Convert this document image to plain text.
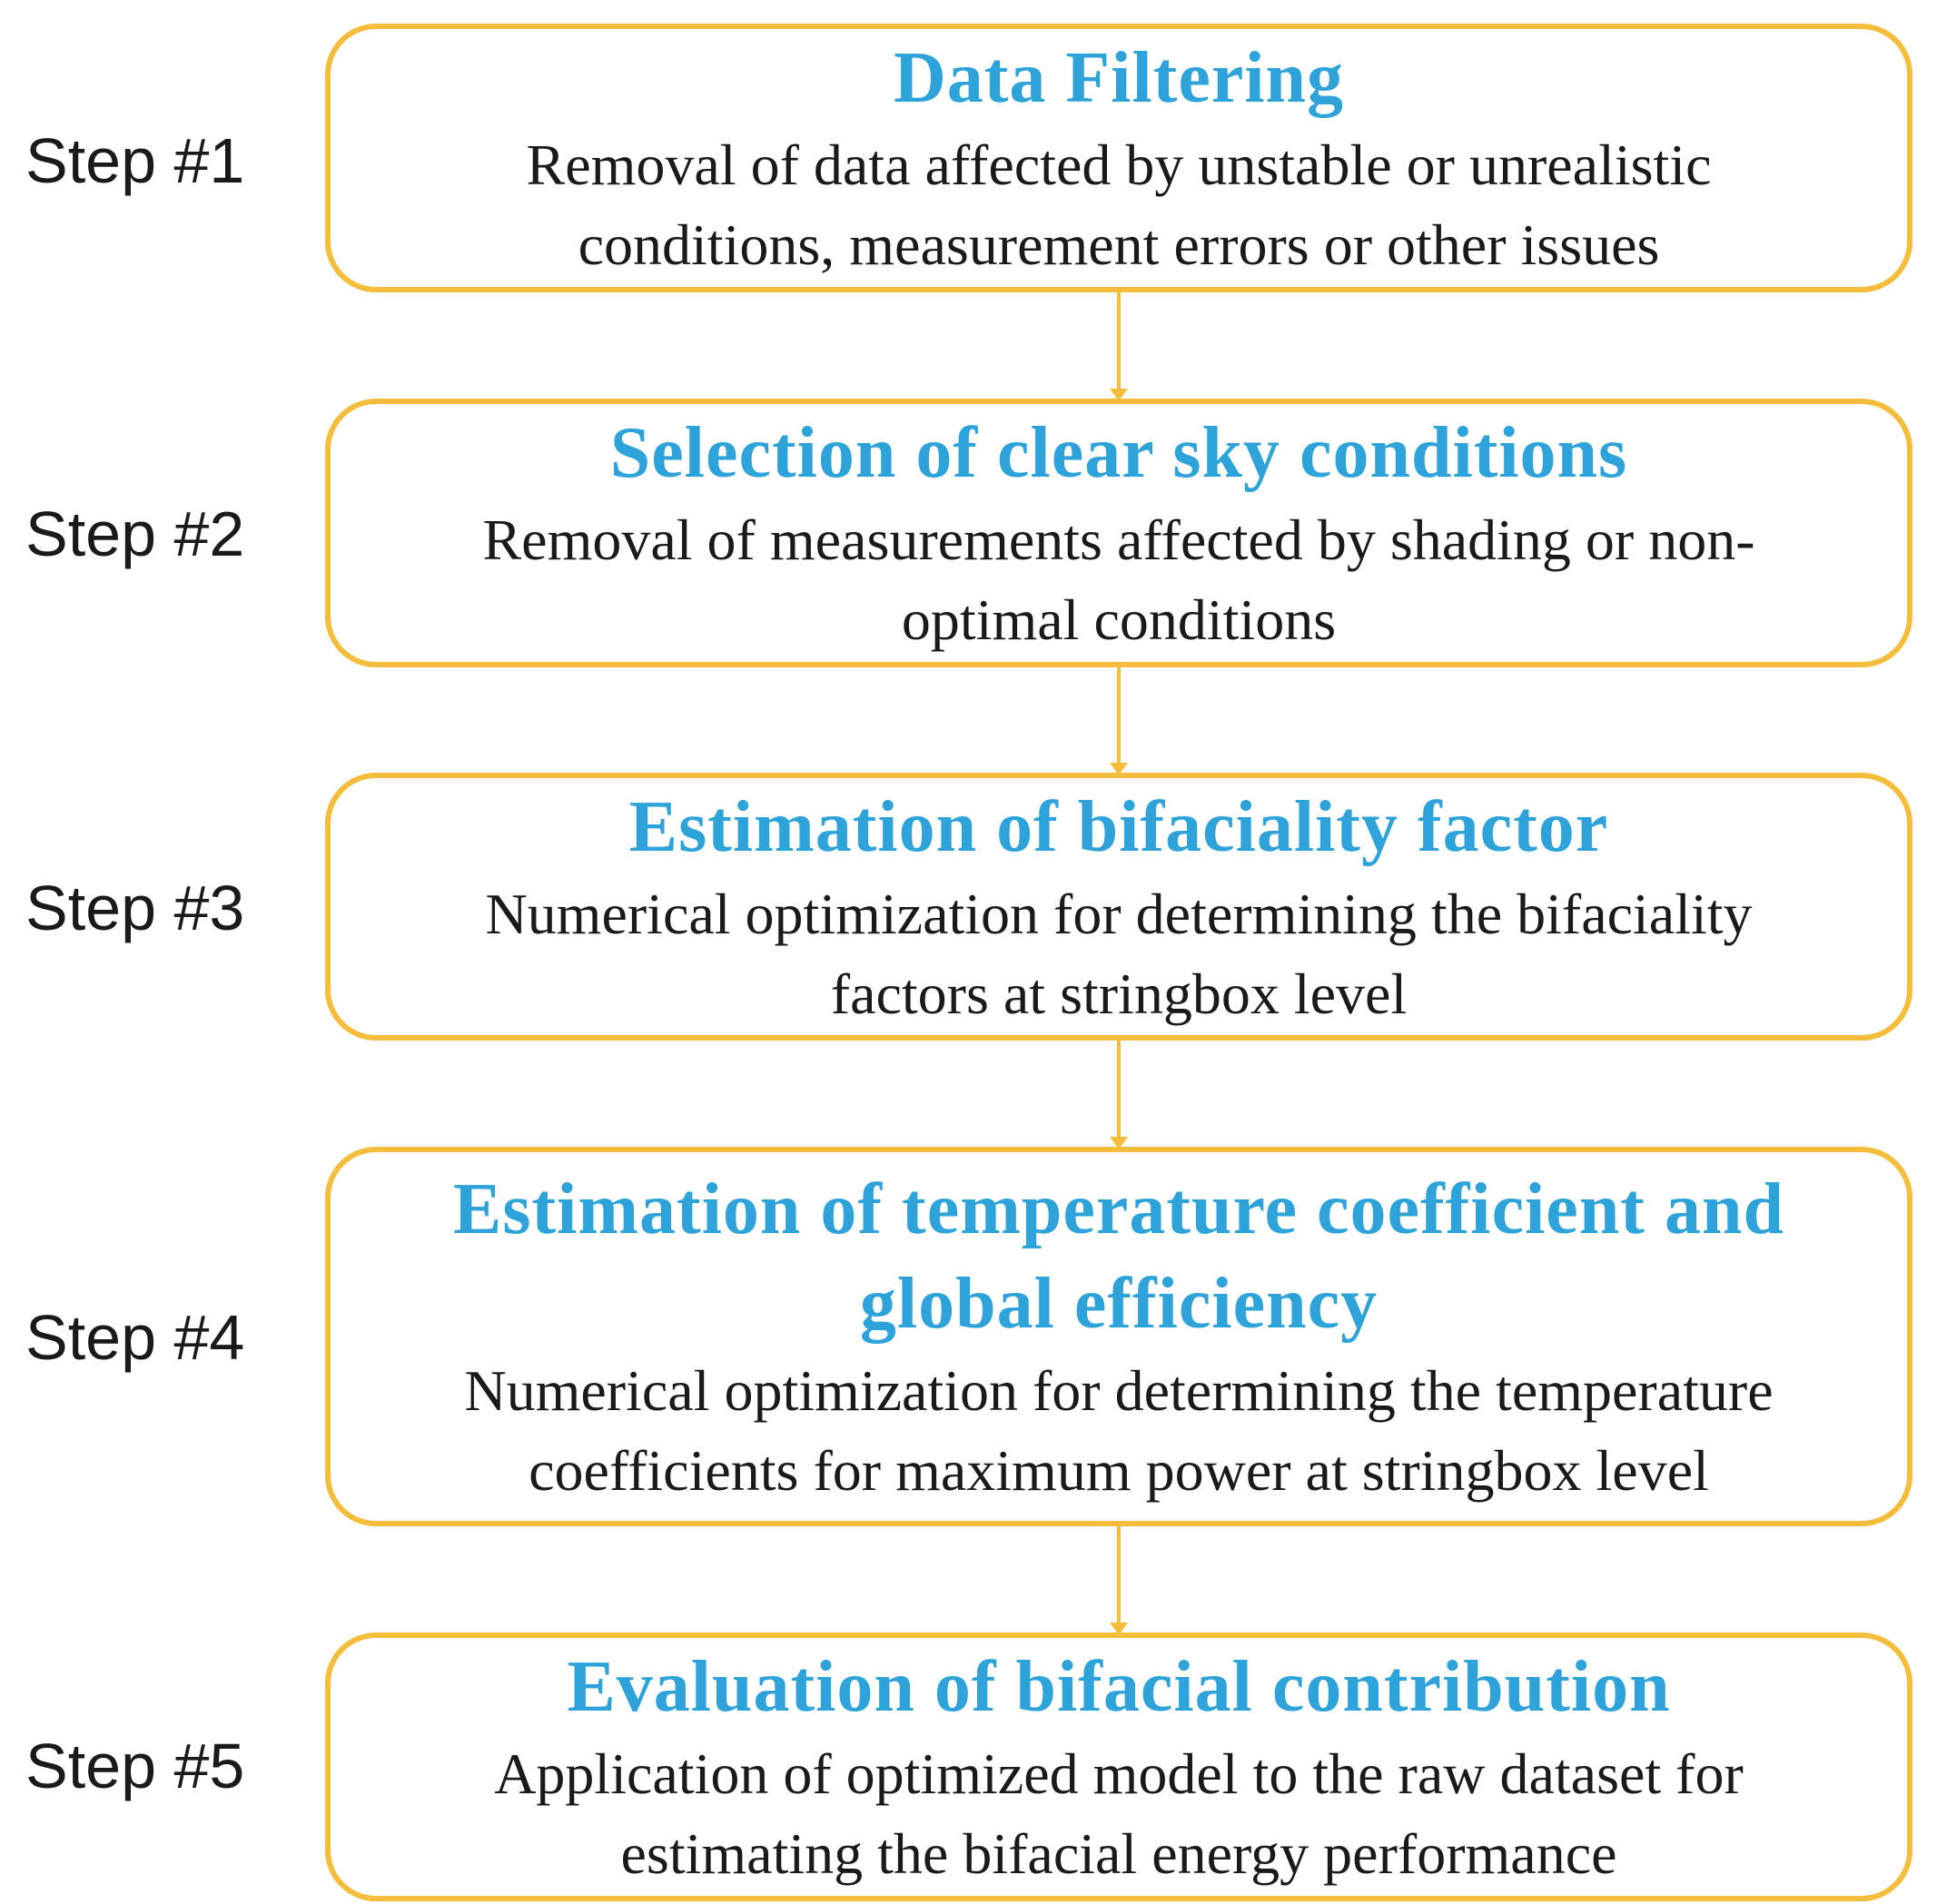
Step #1
Data Filtering
Removal of data affected by unstable or unrealistic
conditions, measurement errors or other issues
Step #2
Selection of clear sky conditions
Removal of measurements affected by shading or non-
optimal conditions
Step #3
Estimation of bifaciality factor
Numerical optimization for determining the bifaciality
factors at stringbox level
Step #4
Estimation of temperature coefficient and
global efficiency
Numerical optimization for determining the temperature
coefficients for maximum power at stringbox level
Step #5
Evaluation of bifacial contribution
Application of optimized model to the raw dataset for
estimating the bifacial energy performance
